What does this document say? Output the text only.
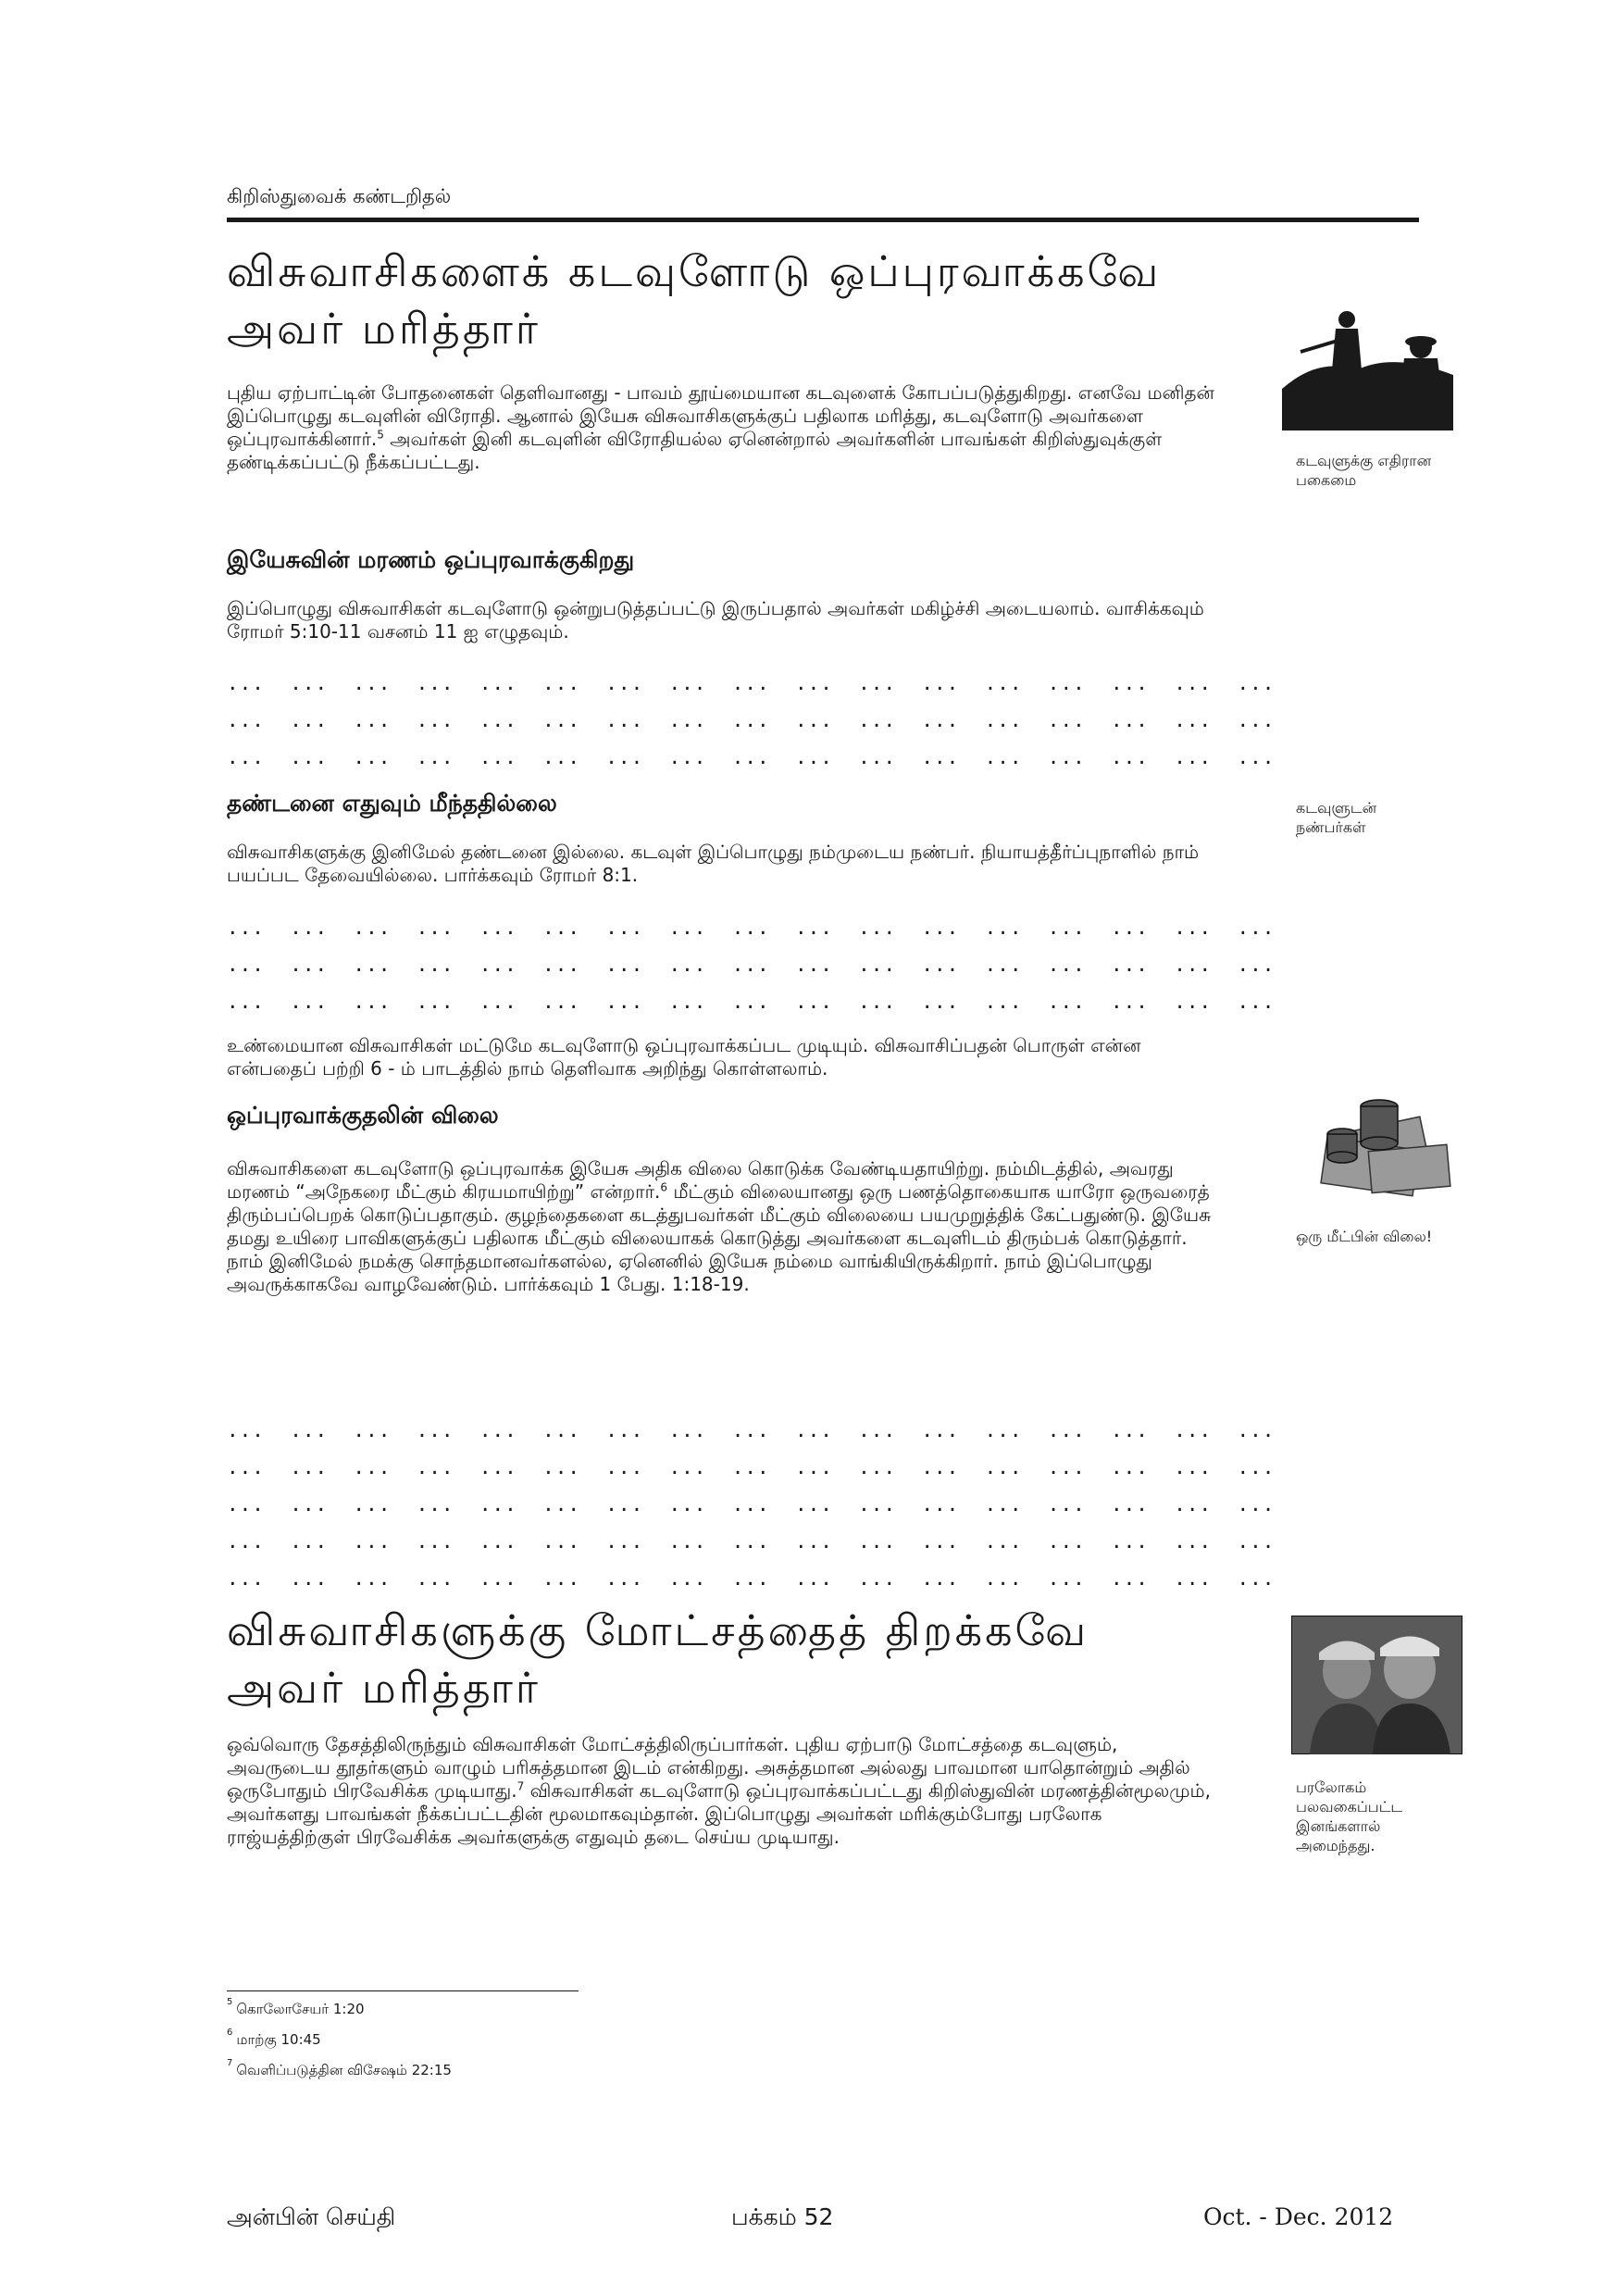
கிறிஸ்துவைக் கண்டறிதல்
விசுவாசிகளைக் கடவுளோடு ஒப்புரவாக்கவே
அவர் மரித்தார்

புதிய ஏற்பாட்டின் போதனைகள் தெளிவானது - பாவம் தூய்மையான கடவுளைக் கோபப்படுத்துகிறது. எனவே மனிதன் இப்பொழுது கடவுளின் விரோதி. ஆனால் இயேசு விசுவாசிகளுக்குப் பதிலாக மரித்து, கடவுளோடு அவர்களை ஒப்புரவாக்கினார்.$^5$ அவர்கள் இனி கடவுளின் விரோதியல்ல ஏனென்றால் அவர்களின் பாவங்கள் கிறிஸ்துவுக்குள் தண்டிக்கப்பட்டு நீக்கப்பட்டது.

இயேசுவின் மரணம் ஒப்புரவாக்குகிறது

இப்பொழுது விசுவாசிகள் கடவுளோடு ஒன்றுபடுத்தப்பட்டு இருப்பதால் அவர்கள் மகிழ்ச்சி அடையலாம். வாசிக்கவும் ரோமர் 5:10-11 வசனம் 11 ஐ எழுதவும்.

...  ...  ...  ...  ...  ...  ...  ...  ...  ...  ...  ...  ...  ...  ...  ...  ...
...  ...  ...  ...  ...  ...  ...  ...  ...  ...  ...  ...  ...  ...  ...  ...  ...
...  ...  ...  ...  ...  ...  ...  ...  ...  ...  ...  ...  ...  ...  ...  ...  ...
தண்டனை எதுவும் மீந்ததில்லை

விசுவாசிகளுக்கு இனிமேல் தண்டனை இல்லை. கடவுள் இப்பொழுது நம்முடைய நண்பர். நியாயத்தீர்ப்புநாளில் நாம் பயப்பட தேவையில்லை. பார்க்கவும் ரோமர் 8:1.

...  ...  ...  ...  ...  ...  ...  ...  ...  ...  ...  ...  ...  ...  ...  ...  ...
...  ...  ...  ...  ...  ...  ...  ...  ...  ...  ...  ...  ...  ...  ...  ...  ...
...  ...  ...  ...  ...  ...  ...  ...  ...  ...  ...  ...  ...  ...  ...  ...  ...

உண்மையான விசுவாசிகள் மட்டுமே கடவுளோடு ஒப்புரவாக்கப்பட முடியும். விசுவாசிப்பதன் பொருள் என்ன என்பதைப் பற்றி 6 - ம் பாடத்தில் நாம் தெளிவாக அறிந்து கொள்ளலாம்.

ஒப்புரவாக்குதலின் விலை

விசுவாசிகளை கடவுளோடு ஒப்புரவாக்க இயேசு அதிக விலை கொடுக்க வேண்டியதாயிற்று. நம்மிடத்தில், அவரது மரணம் “அநேகரை மீட்கும் கிரயமாயிற்று” என்றார்.$^6$ மீட்கும் விலையானது ஒரு பணத்தொகையாக யாரோ ஒருவரைத் திரும்பப்பெறக் கொடுப்பதாகும். குழந்தைகளை கடத்துபவர்கள் மீட்கும் விலையை பயமுறுத்திக் கேட்பதுண்டு. இயேசு தமது உயிரை பாவிகளுக்குப் பதிலாக மீட்கும் விலையாகக் கொடுத்து அவர்களை கடவுளிடம் திரும்பக் கொடுத்தார். நாம் இனிமேல் நமக்கு சொந்தமானவர்களல்ல, ஏனெனில் இயேசு நம்மை வாங்கியிருக்கிறார். நாம் இப்பொழுது அவருக்காகவே வாழவேண்டும். பார்க்கவும் 1 பேது. 1:18-19.

...  ...  ...  ...  ...  ...  ...  ...  ...  ...  ...  ...  ...  ...  ...  ...  ...
...  ...  ...  ...  ...  ...  ...  ...  ...  ...  ...  ...  ...  ...  ...  ...  ...
...  ...  ...  ...  ...  ...  ...  ...  ...  ...  ...  ...  ...  ...  ...  ...  ...
...  ...  ...  ...  ...  ...  ...  ...  ...  ...  ...  ...  ...  ...  ...  ...  ...
...  ...  ...  ...  ...  ...  ...  ...  ...  ...  ...  ...  ...  ...  ...  ...  ...
விசுவாசிகளுக்கு மோட்சத்தைத் திறக்கவே
அவர் மரித்தார்

ஒவ்வொரு தேசத்திலிருந்தும் விசுவாசிகள் மோட்சத்திலிருப்பார்கள். புதிய ஏற்பாடு மோட்சத்தை கடவுளும், அவருடைய தூதர்களும் வாழும் பரிசுத்தமான இடம் என்கிறது. அசுத்தமான அல்லது பாவமான யாதொன்றும் அதில் ஒருபோதும் பிரவேசிக்க முடியாது.$^7$ விசுவாசிகள் கடவுளோடு ஒப்புரவாக்கப்பட்டது கிறிஸ்துவின் மரணத்தின்மூலமும், அவர்களது பாவங்கள் நீக்கப்பட்டதின் மூலமாகவும்தான். இப்பொழுது அவர்கள் மரிக்கும்போது பரலோக ராஜ்யத்திற்குள் பிரவேசிக்க அவர்களுக்கு எதுவும் தடை செய்ய முடியாது.

கடவுளுக்கு எதிரான பகைமை
கடவுளுடன் நண்பர்கள்
ஒரு மீட்பின் விலை!
பரலோகம் பலவகைப்பட்ட இனங்களால் அமைந்தது.
$^5$ கொலோசேயர் 1:20
$^6$ மாற்கு 10:45
$^7$ வெளிப்படுத்தின விசேஷம் 22:15
அன்பின் செய்தி	பக்கம் 52	Oct. - Dec. 2012
